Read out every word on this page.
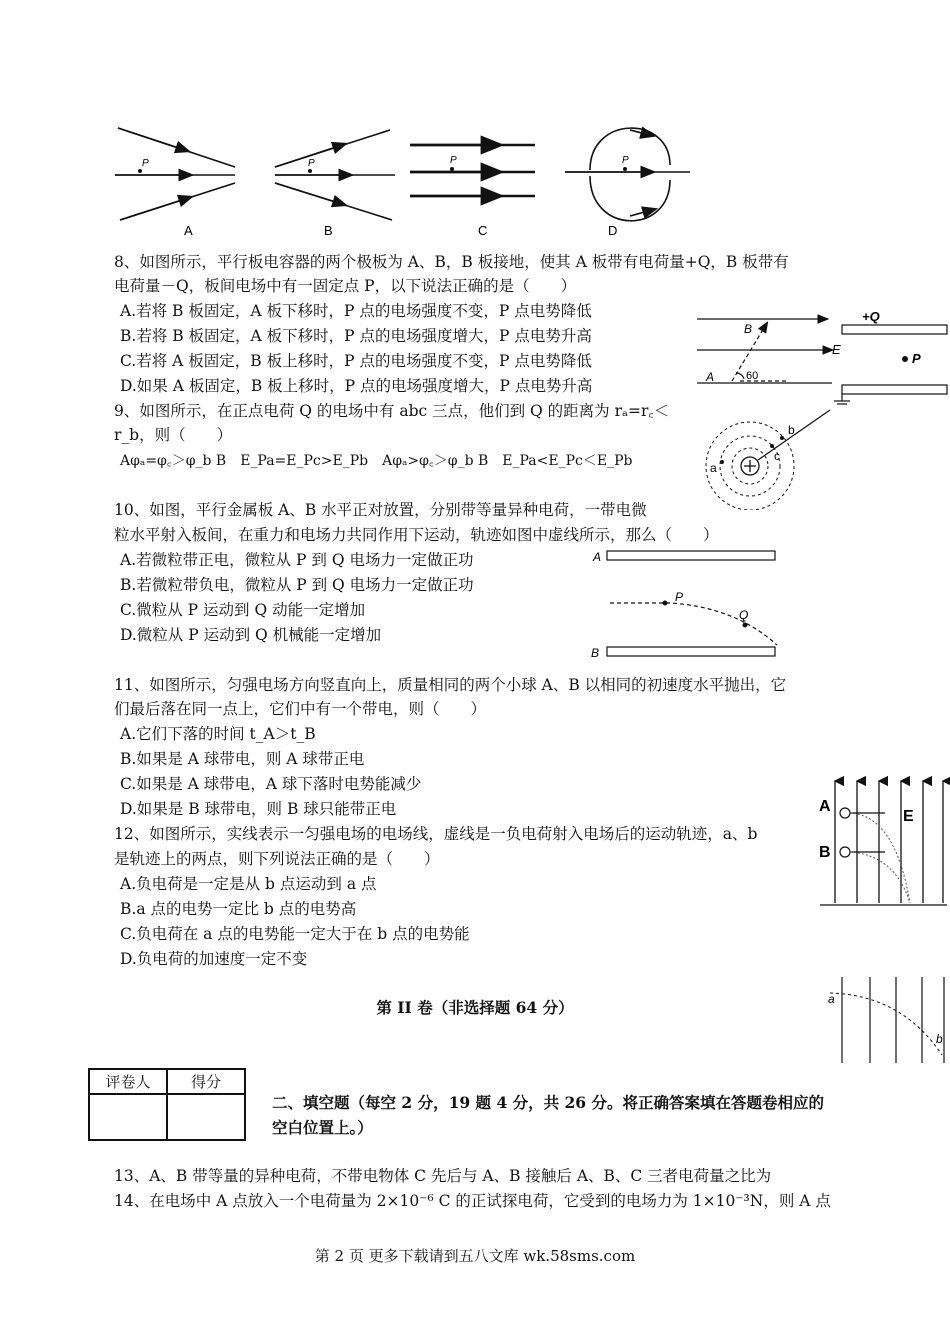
P
A
P
B
P
C
P
D
8、如图所示，平行板电容器的两个极板为 A、B，B 板接地，使其 A 板带有电荷量+Q，B 板带有
电荷量－Q，板间电场中有一固定点 P，以下说法正确的是（　　）
A.若将 B 板固定，A 板下移时，P 点的电场强度不变，P 点电势降低
B.若将 B 板固定，A 板下移时，P 点的电场强度增大，P 点电势升高
C.若将 A 板固定，B 板上移时，P 点的电场强度不变，P 点电势降低
D.如果 A 板固定，B 板上移时，P 点的电场强度增大，P 点电势升高
+Q
E
P
B
A	60
9、如图所示，在正点电荷 Q 的电场中有 abc 三点，他们到 Q 的距离为 rₐ=r꜀＜
r_b，则（　　）
Aφₐ=φ꜀＞φ_b B　E_Pa=E_Pc>E_Pb　Aφₐ>φ꜀＞φ_b B　E_Pa<E_Pc＜E_Pb	a
c
b
10、如图，平行金属板 A、B 水平正对放置，分别带等量异种电荷，一带电微
粒水平射入板间，在重力和电场力共同作用下运动，轨迹如图中虚线所示，那么（　　）
A.若微粒带正电，微粒从 P 到 Q 电场力一定做正功
B.若微粒带负电，微粒从 P 到 Q 电场力一定做正功
C.微粒从 P 运动到 Q 动能一定增加
D.微粒从 P 运动到 Q 机械能一定增加
A
B
P
Q
11、如图所示，匀强电场方向竖直向上，质量相同的两个小球 A、B 以相同的初速度水平抛出，它
们最后落在同一点上，它们中有一个带电，则（　　）
A.它们下落的时间 t_A＞t_B
B.如果是 A 球带电，则 A 球带正电
C.如果是 A 球带电，A 球下落时电势能减少
D.如果是 B 球带电，则 B 球只能带正电	A
B
E
12、如图所示，实线表示一匀强电场的电场线，虚线是一负电荷射入电场后的运动轨迹，a、b
是轨迹上的两点，则下列说法正确的是（　　）
A.负电荷是一定是从 b 点运动到 a 点
B.a 点的电势一定比 b 点的电势高
C.负电荷在 a 点的电势能一定大于在 b 点的电势能
D.负电荷的加速度一定不变
a
b
第 II 卷（非选择题 64 分）
评卷人	得分

二、填空题（每空 2 分，19 题 4 分，共 26 分。将正确答案填在答题卷相应的
空白位置上。）
13、A、B 带等量的异种电荷，不带电物体 C 先后与 A、B 接触后 A、B、C 三者电荷量之比为
14、在电场中 A 点放入一个电荷量为 2×10⁻⁶ C 的正试探电荷，它受到的电场力为 1×10⁻³N，则 A 点
第 2 页 更多下载请到五八文库 wk.58sms.com
